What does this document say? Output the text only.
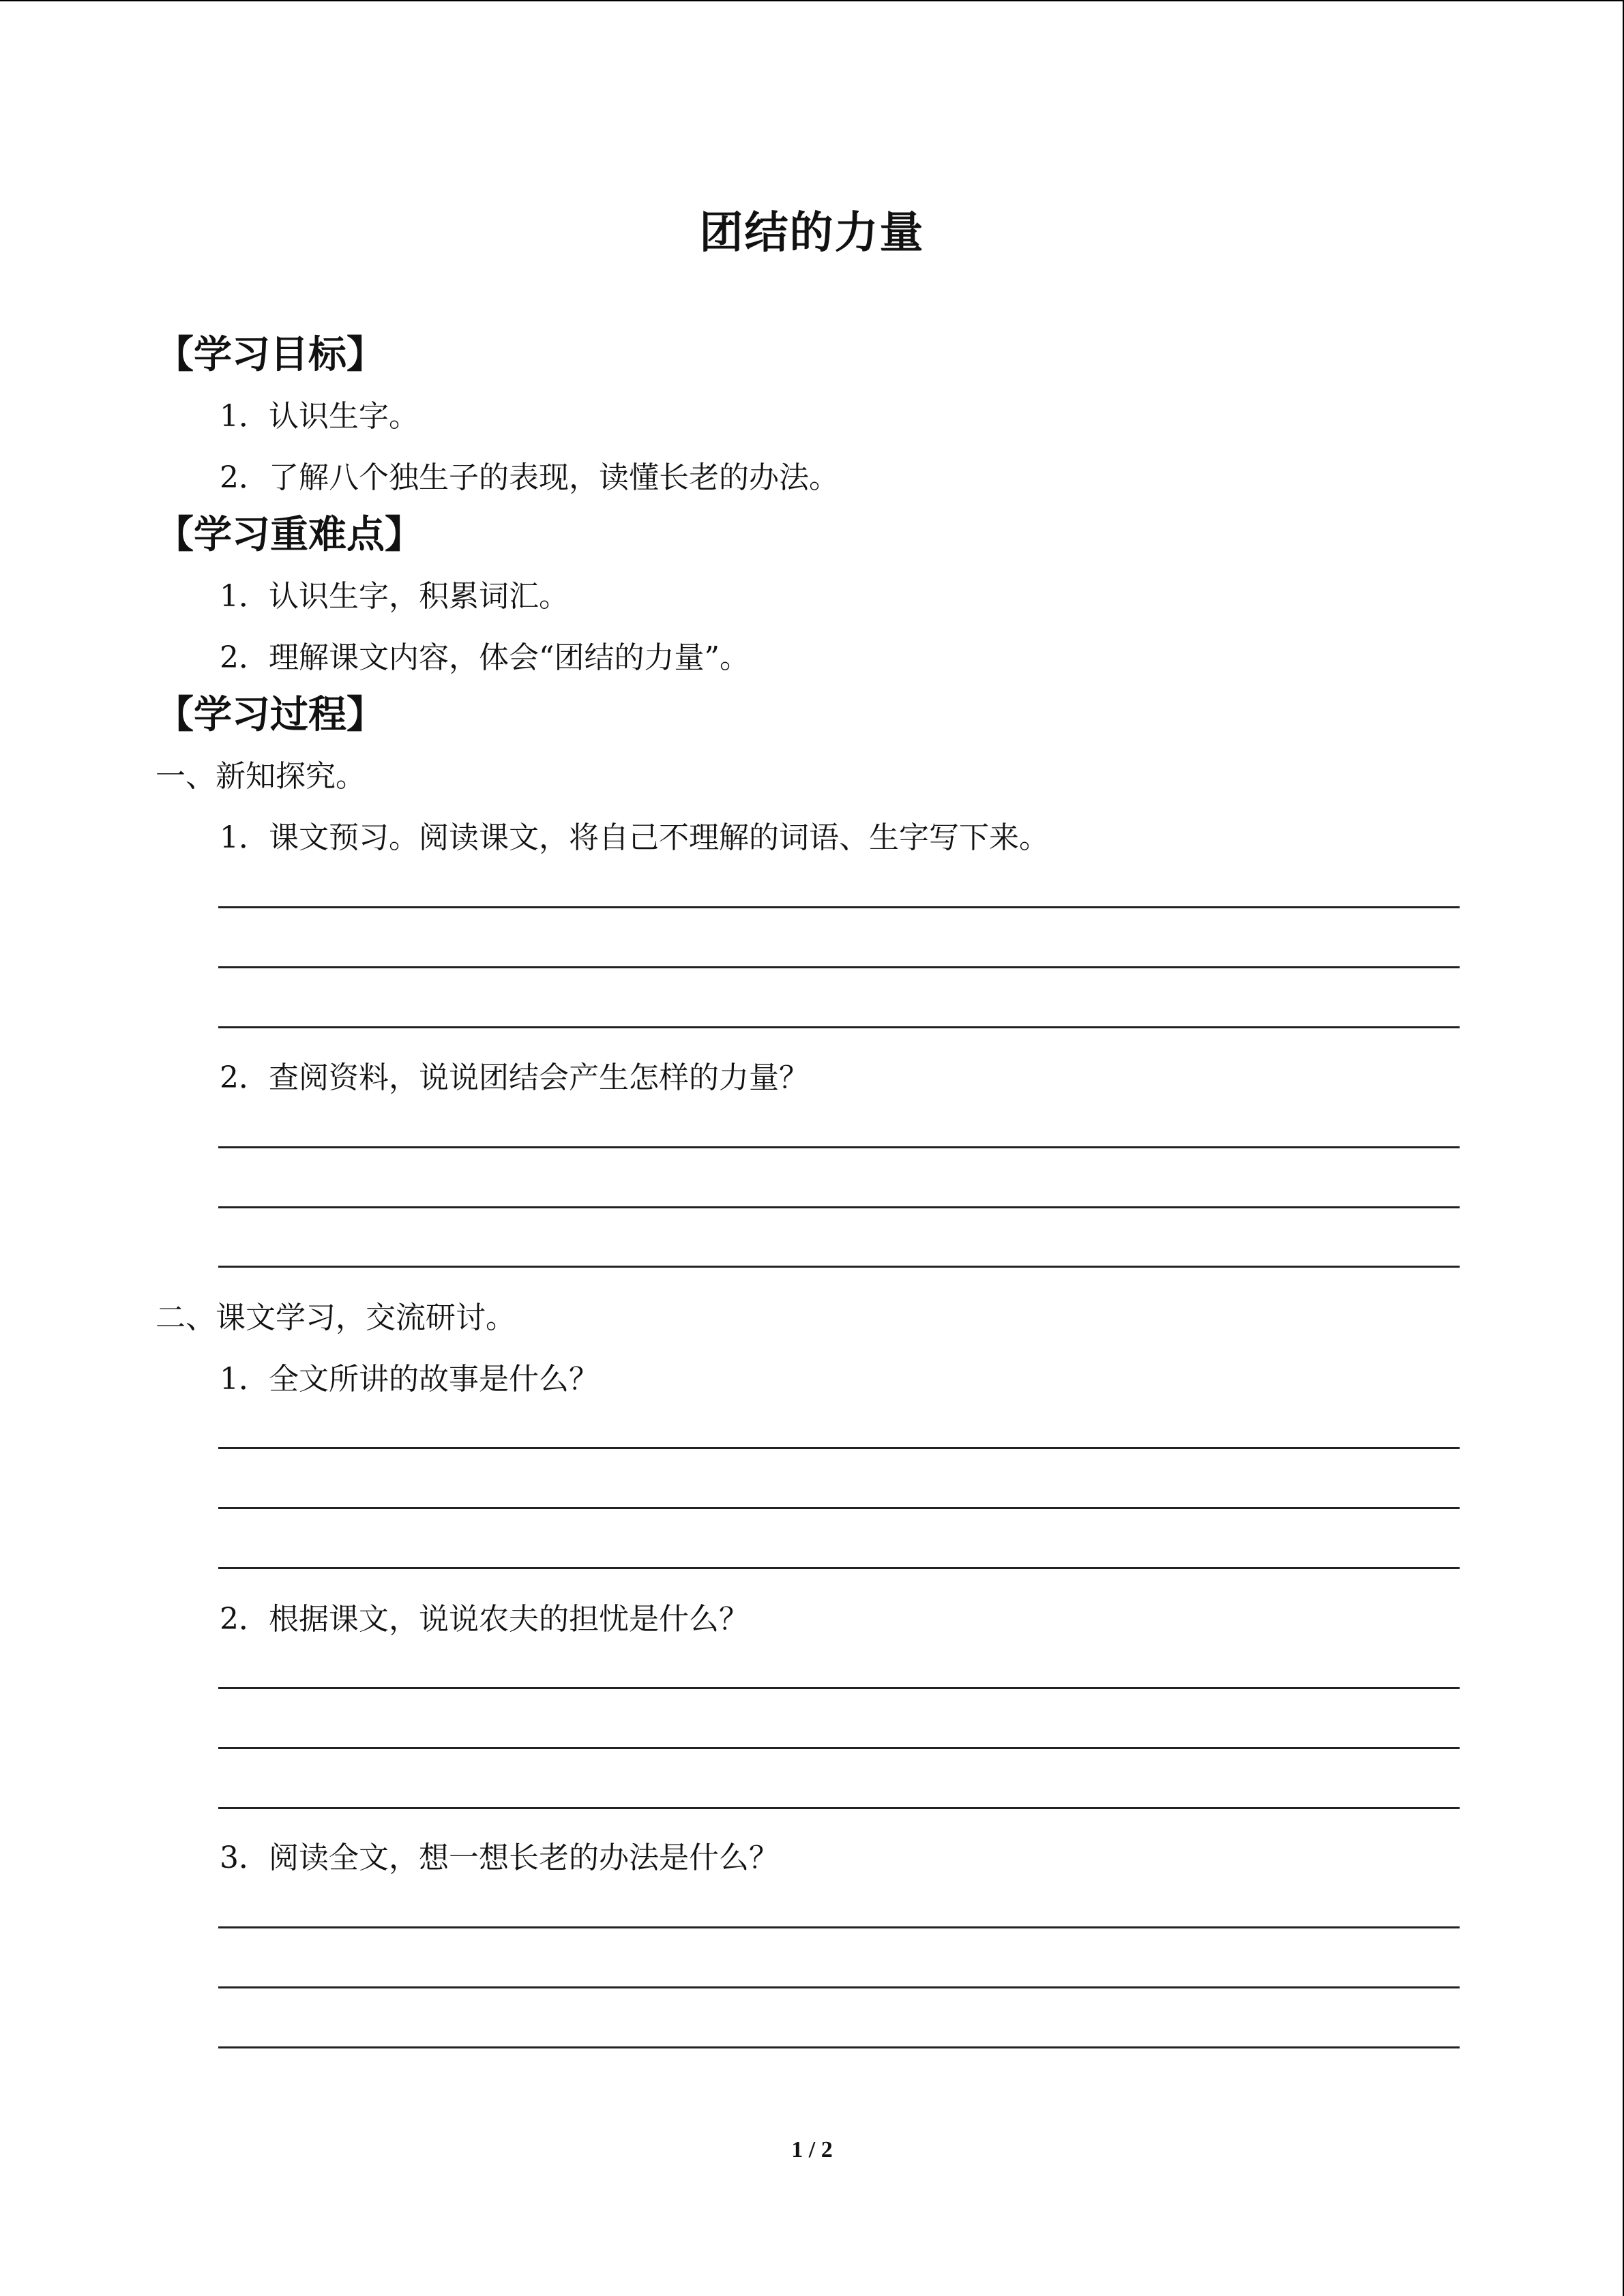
团结的力量
【学习目标】
1．认识生字。
2．了解八个独生子的表现，读懂长老的办法。
【学习重难点】
1．认识生字，积累词汇。
2．理解课文内容，体会“团结的力量”。
【学习过程】
一、新知探究。
1．课文预习。阅读课文，将自己不理解的词语、生字写下来。
2．查阅资料，说说团结会产生怎样的力量？
二、课文学习，交流研讨。
1．全文所讲的故事是什么？
2．根据课文，说说农夫的担忧是什么？
3．阅读全文，想一想长老的办法是什么？
1 / 2
